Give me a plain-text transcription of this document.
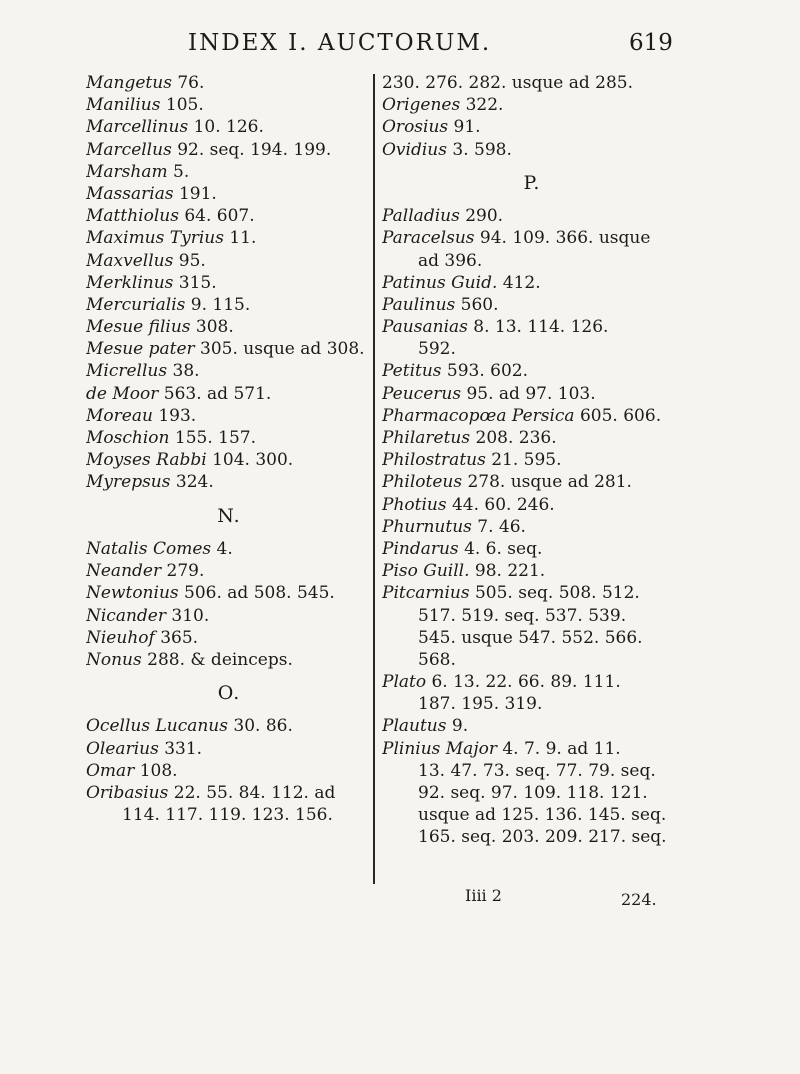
INDEX I. AUCTORUM.	619
Mangetus 76.
Manilius 105.
Marcellinus 10. 126.
Marcellus 92. seq. 194. 199.
Marsham 5.
Massarias 191.
Matthiolus 64. 607.
Maximus Tyrius 11.
Maxvellus 95.
Merklinus 315.
Mercurialis 9. 115.
Mesue filius 308.
Mesue pater 305. usque ad 308.
Micrellus 38.
de Moor 563. ad 571.
Moreau 193.
Moschion 155. 157.
Moyses Rabbi 104. 300.
Myrepsus 324.
N.
Natalis Comes 4.
Neander 279.
Newtonius 506. ad 508. 545.
Nicander 310.
Nieuhof 365.
Nonus 288. & deinceps.
O.
Ocellus Lucanus 30. 86.
Olearius 331.
Omar 108.
Oribasius 22. 55. 84. 112. ad
114. 117. 119. 123. 156.
230. 276. 282. usque ad 285.
Origenes 322.
Orosius 91.
Ovidius 3. 598.
P.
Palladius 290.
Paracelsus 94. 109. 366. usque
ad 396.
Patinus Guid. 412.
Paulinus 560.
Pausanias 8. 13. 114. 126.
592.
Petitus 593. 602.
Peucerus 95. ad 97. 103.
Pharmacopœa Persica 605. 606.
Philaretus 208. 236.
Philostratus 21. 595.
Philoteus 278. usque ad 281.
Photius 44. 60. 246.
Phurnutus 7. 46.
Pindarus 4. 6. seq.
Piso Guill. 98. 221.
Pitcarnius 505. seq. 508. 512.
517. 519. seq. 537. 539.
545. usque 547. 552. 566.
568.
Plato 6. 13. 22. 66. 89. 111.
187. 195. 319.
Plautus 9.
Plinius Major 4. 7. 9. ad 11.
13. 47. 73. seq. 77. 79. seq.
92. seq. 97. 109. 118. 121.
usque ad 125. 136. 145. seq.
165. seq. 203. 209. 217. seq.
Iiii 2	224.
